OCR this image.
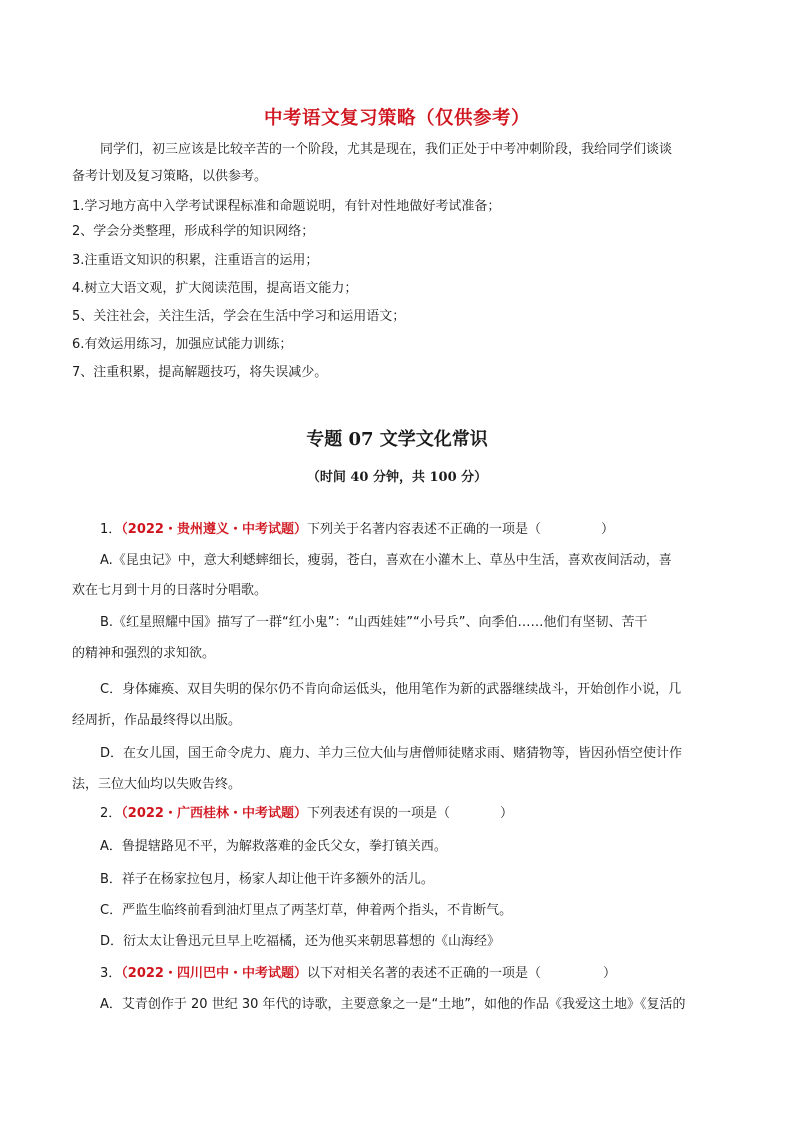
中考语文复习策略（仅供参考）
同学们，初三应该是比较辛苦的一个阶段，尤其是现在，我们正处于中考冲刺阶段，我给同学们谈谈
备考计划及复习策略，以供参考。
1.学习地方高中入学考试课程标准和命题说明，有针对性地做好考试准备；
2、学会分类整理，形成科学的知识网络；
3.注重语文知识的积累，注重语言的运用；
4.树立大语文观，扩大阅读范围，提高语文能力；
5、关注社会，关注生活，学会在生活中学习和运用语文；
6.有效运用练习，加强应试能力训练；
7、注重积累，提高解题技巧，将失误减少。
专题 07 文学文化常识
（时间 40 分钟，共 100 分）
1．（2022・贵州遵义・中考试题）下列关于名著内容表述不正确的一项是（	）
A.《昆虫记》中，意大利蟋蟀细长，瘦弱，苍白，喜欢在小灌木上、草丛中生活，喜欢夜间活动，喜
欢在七月到十月的日落时分唱歌。
B.《红星照耀中国》描写了一群“红小鬼”：“山西娃娃”“小号兵”、向季伯……他们有坚韧、苦干
的精神和强烈的求知欲。
C．身体瘫痪、双目失明的保尔仍不肯向命运低头，他用笔作为新的武器继续战斗，开始创作小说，几
经周折，作品最终得以出版。
D．在女儿国，国王命令虎力、鹿力、羊力三位大仙与唐僧师徒赌求雨、赌猜物等，皆因孙悟空使计作
法，三位大仙均以失败告终。
2．（2022・广西桂林・中考试题）下列表述有误的一项是（	）
A．鲁提辖路见不平，为解救落难的金氏父女，拳打镇关西。
B．祥子在杨家拉包月，杨家人却让他干许多额外的活儿。
C．严监生临终前看到油灯里点了两茎灯草，伸着两个指头，不肯断气。
D．衍太太让鲁迅元旦早上吃福橘，还为他买来朝思暮想的《山海经》
3．（2022・四川巴中・中考试题）以下对相关名著的表述不正确的一项是（	）
A．艾青创作于 20 世纪 30 年代的诗歌，主要意象之一是“土地”，如他的作品《我爱这土地》《复活的
